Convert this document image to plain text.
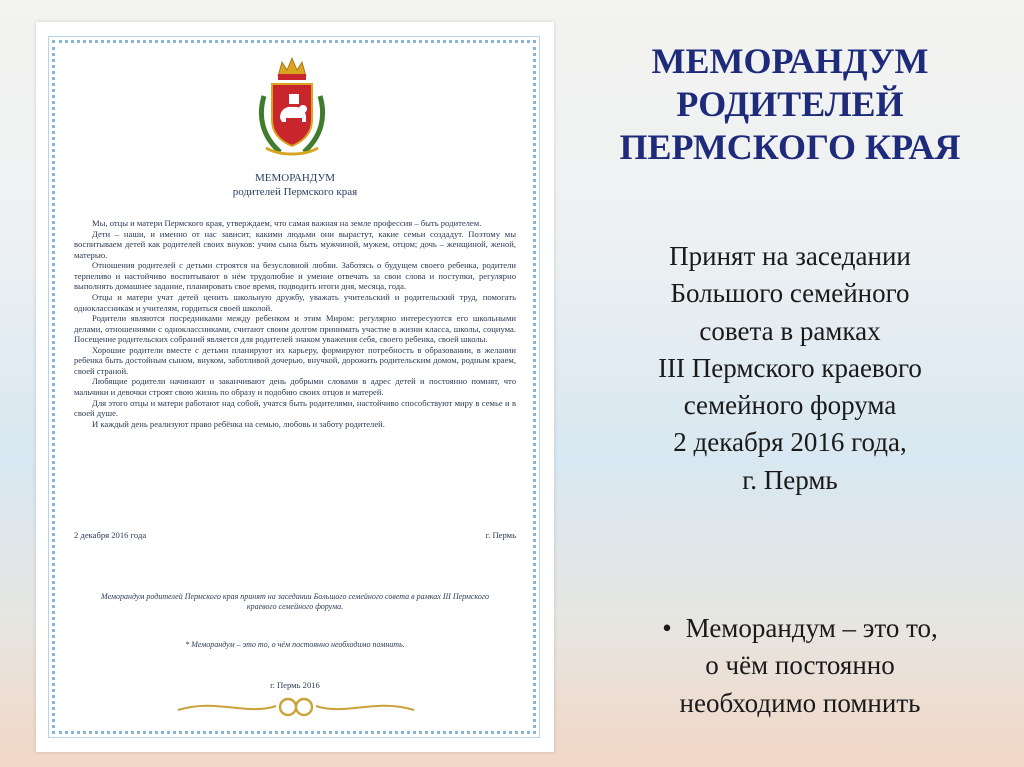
МЕМОРАНДУМ
родителей Пермского края

Мы, отцы и матери Пермского края, утверждаем, что самая важная на земле профессия – быть родителем.

Дети – наши, и именно от нас зависит, какими людьми они вырастут, какие семьи создадут. Поэтому мы воспитываем детей как родителей своих внуков: учим сына быть мужчиной, мужем, отцом; дочь – женщиной, женой, матерью.

Отношения родителей с детьми строятся на безусловной любви. Заботясь о будущем своего ребенка, родители терпеливо и настойчиво воспитывают в нём трудолюбие и умение отвечать за свои слова и поступки, регулярно выполнять домашнее задание, планировать свое время, подводить итоги дня, месяца, года.

Отцы и матери учат детей ценить школьную дружбу, уважать учительский и родительский труд, помогать одноклассникам и учителям, гордиться своей школой.

Родители являются посредниками между ребенком и этим Миром: регулярно интересуются его школьными делами, отношениями с одноклассниками, считают своим долгом принимать участие в жизни класса, школы, социума. Посещение родительских собраний является для родителей знаком уважения себя, своего ребенка, своей школы.

Хорошие родители вместе с детьми планируют их карьеру, формируют потребность в образовании, в желании ребенка быть достойным сыном, внуком, заботливой дочерью, внучкой, дорожить родительским домом, родным краем, своей страной.

Любящие родители начинают и заканчивают день добрыми словами в адрес детей и постоянно помнят, что мальчики и девочки строят свою жизнь по образу и подобию своих отцов и матерей.

Для этого отцы и матери работают над собой, учатся быть родителями, настойчиво способствуют миру в семье и в своей душе.

И каждый день реализуют право ребёнка на семью, любовь и заботу родителей.

2 декабря 2016 года	г. Пермь
Меморандум родителей Пермского края принят на заседании Большого семейного совета в рамках III Пермского краевого семейного форума.
* Меморандум – это то, о чём постоянно необходимо помнить.
г. Пермь 2016
МЕМОРАНДУМ
РОДИТЕЛЕЙ
ПЕРМСКОГО КРАЯ
Принят на заседании
Большого семейного
совета в рамках
III Пермского краевого
семейного форума
2 декабря 2016 года,
г. Пермь
• Меморандум – это то,
о чём постоянно
необходимо помнить
